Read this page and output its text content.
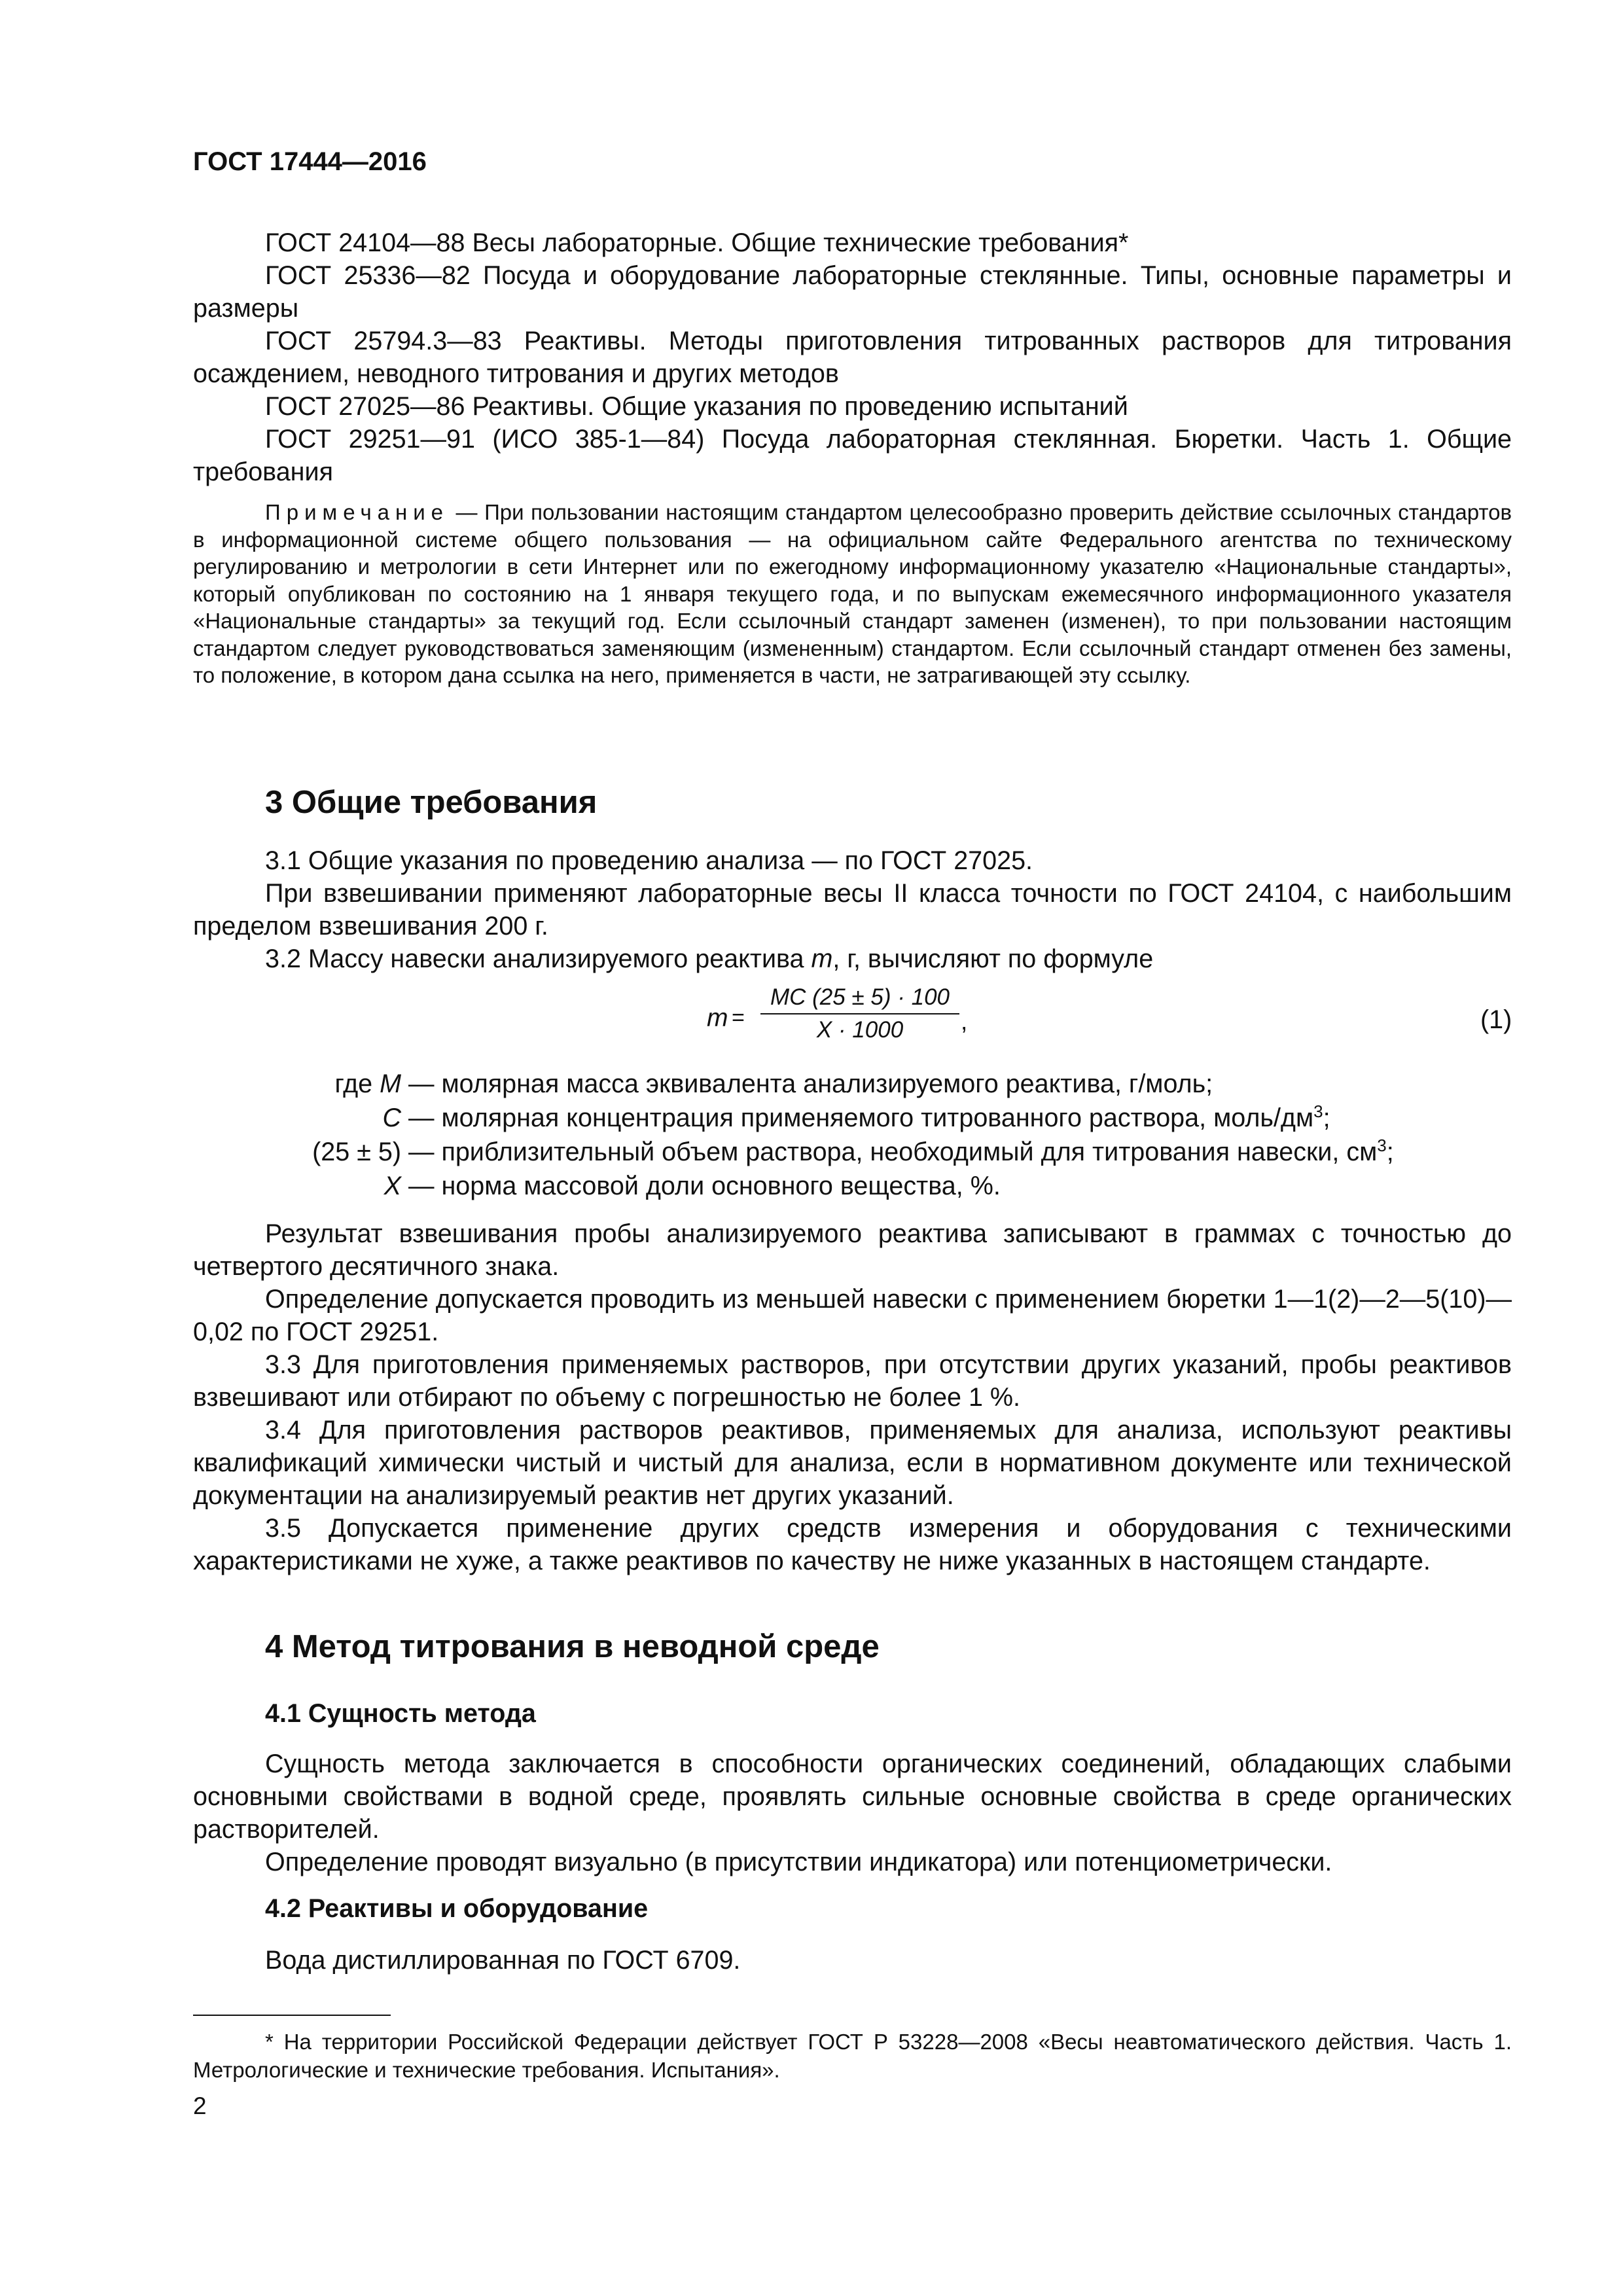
ГОСТ 17444—2016

ГОСТ 24104—88 Весы лабораторные. Общие технические требования*

ГОСТ 25336—82 Посуда и оборудование лабораторные стеклянные. Типы, основные параметры и размеры

ГОСТ 25794.3—83 Реактивы. Методы приготовления титрованных растворов для титрования осаждением, неводного титрования и других методов

ГОСТ 27025—86 Реактивы. Общие указания по проведению испытаний

ГОСТ 29251—91 (ИСО 385-1—84) Посуда лабораторная стеклянная. Бюретки. Часть 1. Общие требования

Примечание — При пользовании настоящим стандартом целесообразно проверить действие ссылочных стандартов в информационной системе общего пользования — на официальном сайте Федерального агентства по техническому регулированию и метрологии в сети Интернет или по ежегодному информационному указателю «Национальные стандарты», который опубликован по состоянию на 1 января текущего года, и по выпускам ежемесячного информационного указателя «Национальные стандарты» за текущий год. Если ссылочный стандарт заменен (изменен), то при пользовании настоящим стандартом следует руководствоваться заменяющим (измененным) стандартом. Если ссылочный стандарт отменен без замены, то положение, в котором дана ссылка на него, применяется в части, не затрагивающей эту ссылку.

3 Общие требования

3.1 Общие указания по проведению анализа — по ГОСТ 27025.

При взвешивании применяют лабораторные весы II класса точности по ГОСТ 24104, с наибольшим пределом взвешивания 200 г.

3.2 Массу навески анализируемого реактива m, г, вычисляют по формуле

m =
MC (25 ± 5) · 100
X · 1000	,	(1)
где M — молярная масса эквивалента анализируемого реактива, г/моль;
C — молярная концентрация применяемого титрованного раствора, моль/$дм^3$;
(25 ± 5) — приблизительный объем раствора, необходимый для титрования навески, $см^3$;
X — норма массовой доли основного вещества, %.

Результат взвешивания пробы анализируемого реактива записывают в граммах с точностью до четвертого десятичного знака.

Определение допускается проводить из меньшей навески с применением бюретки 1—1(2)—2—5(10)—0,02 по ГОСТ 29251.

3.3 Для приготовления применяемых растворов, при отсутствии других указаний, пробы реактивов взвешивают или отбирают по объему с погрешностью не более 1 %.

3.4 Для приготовления растворов реактивов, применяемых для анализа, используют реактивы квалификаций химически чистый и чистый для анализа, если в нормативном документе или технической документации на анализируемый реактив нет других указаний.

3.5 Допускается применение других средств измерения и оборудования с техническими характеристиками не хуже, а также реактивов по качеству не ниже указанных в настоящем стандарте.

4 Метод титрования в неводной среде
4.1 Сущность метода

Сущность метода заключается в способности органических соединений, обладающих слабыми основными свойствами в водной среде, проявлять сильные основные свойства в среде органических растворителей.

Определение проводят визуально (в присутствии индикатора) или потенциометрически.

4.2 Реактивы и оборудование

Вода дистиллированная по ГОСТ 6709.

* На территории Российской Федерации действует ГОСТ Р 53228—2008 «Весы неавтоматического действия. Часть 1. Метрологические и технические требования. Испытания».

2
